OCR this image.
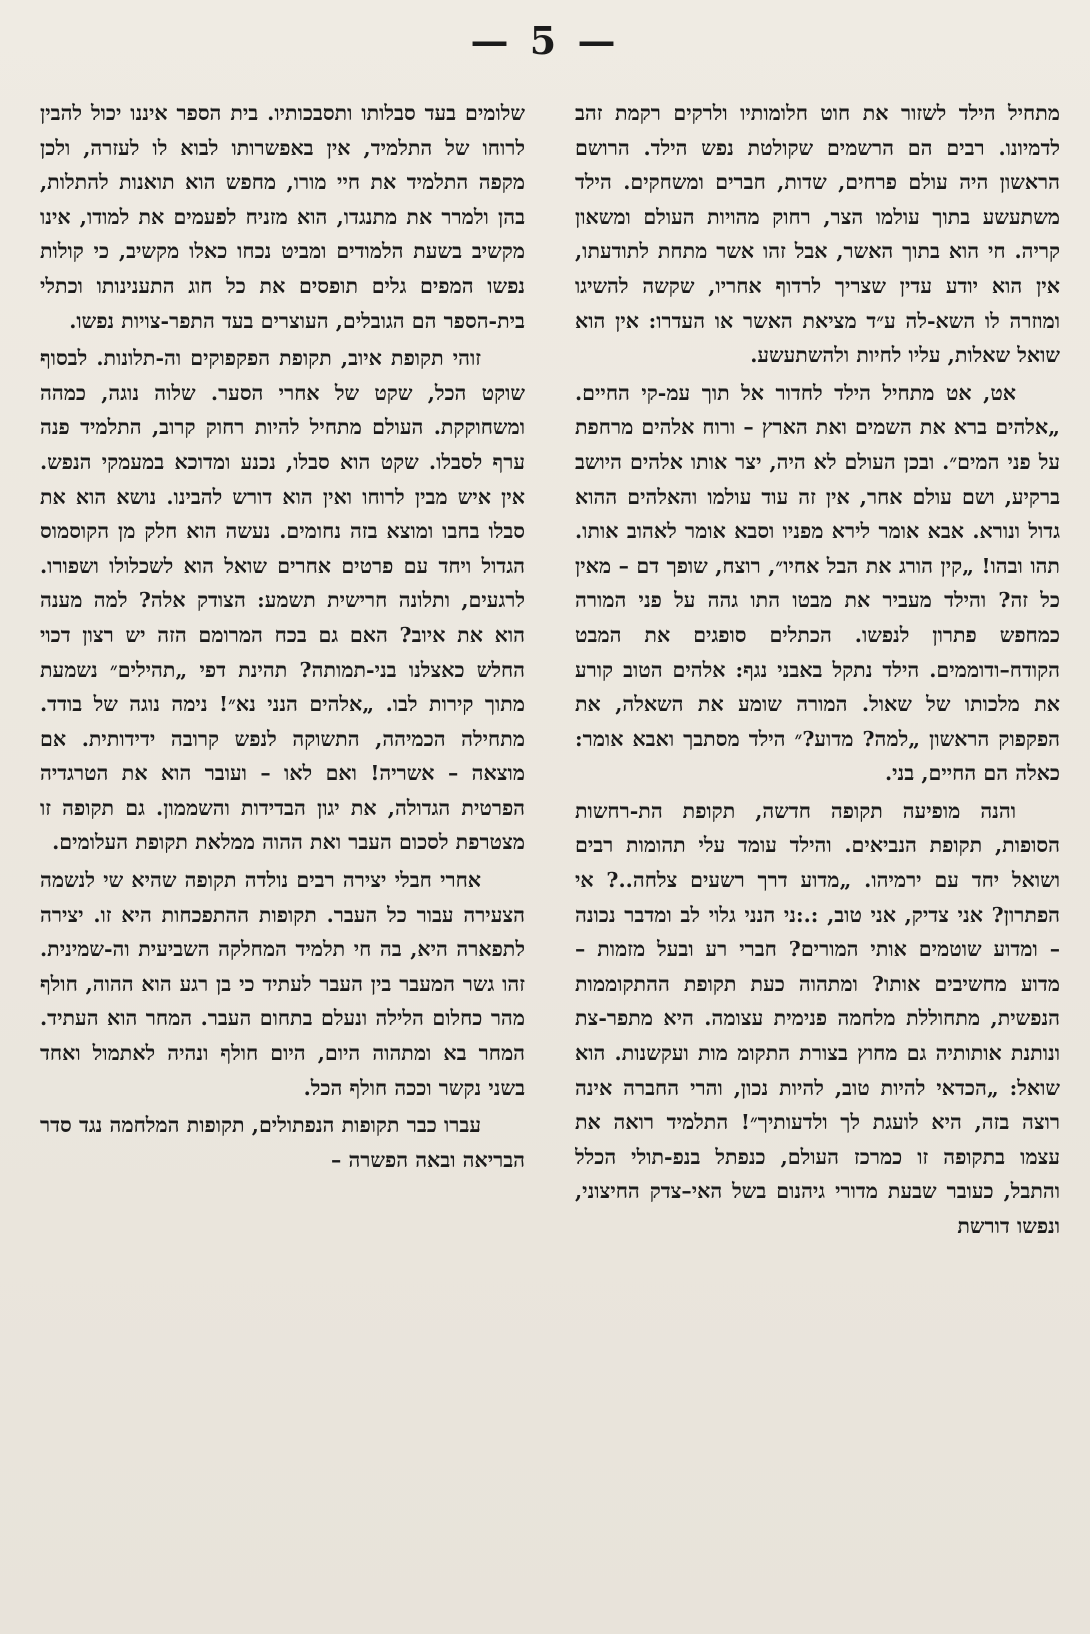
— 5 —

מתחיל הילד לשזור את חוט חלומותיו ולרקים רקמת זהב לדמיונו. רבים הם הרשמים שקולטת נפש הילד. הרושם הראשון היה עולם פרחים, שדות, חברים ומשחקים. הילד משתעשע בתוך עולמו הצר, רחוק מהויות העולם ומשאון קריה. חי הוא בתוך האשר, אבל זהו אשר מתחת לתודעתו, אין הוא יודע עדין שצריך לרדוף אחריו, שקשה להשיגו ומוזרה לו השא-לה ע״ד מציאת האשר או העדרו: אין הוא שואל שאלות, עליו לחיות ולהשתעשע.

אט, אט מתחיל הילד לחדור אל תוך עמ-קי החיים. „אלהים ברא את השמים ואת הארץ – ורוח אלהים מרחפת על פני המים״. ובכן העולם לא היה, יצר אותו אלהים היושב ברקיע, ושם עולם אחר, אין זה עוד עולמו והאלהים ההוא גדול ונורא. אבא אומר לירא מפניו וסבא אומר לאהוב אותו. תהו ובהו! „קין הורג את הבל אחיו״, רוצח, שופך דם – מאין כל זה? והילד מעביר את מבטו התו גהה על פני המורה כמחפש פתרון לנפשו. הכתלים סופגים את המבט הקודח–ודוממים. הילד נתקל באבני נגף: אלהים הטוב קורע את מלכותו של שאול. המורה שומע את השאלה, את הפקפוק הראשון „למה? מדוע?״ הילד מסתבך ואבא אומר: כאלה הם החיים, בני.

והנה מופיעה תקופה חדשה, תקופת הת-רחשות הסופות, תקופת הנביאים. והילד עומד עלי תהומות רבים ושואל יחד עם ירמיהו. „מדוע דרך רשעים צלחה..? אי הפתרון? אני צדיק, אני טוב, :.:ני הנני גלוי לב ומדבר נכונה – ומדוע שוטמים אותי המורים? חברי רע ובעל מזמות – מדוע מחשיבים אותו? ומתהוה כעת תקופת ההתקוממות הנפשית, מתחוללת מלחמה פנימית עצומה. היא מתפר-צת ונותנת אותותיה גם מחוץ בצורת התקומ מות ועקשנות. הוא שואל: „הכדאי להיות טוב, להיות נכון, והרי החברה אינה רוצה בזה, היא לועגת לך ולדעותיך״! התלמיד רואה את עצמו בתקופה זו כמרכז העולם, כנפתל בנפ-תולי הכלל והתבל, כעובר שבעת מדורי גיהנום בשל האי–צדק החיצוני, ונפשו דורשת

שלומים בעד סבלותו ותסבכותיו. בית הספר איננו יכול להבין לרוחו של התלמיד, אין באפשרותו לבוא לו לעזרה, ולכן מקפה התלמיד את חיי מורו, מחפש הוא תואנות להתלות, בהן ולמרר את מתנגדו, הוא מזניח לפעמים את למודו, אינו מקשיב בשעת הלמודים ומביט נכחו כאלו מקשיב, כי קולות נפשו המפים גלים תופסים את כל חוג התענינותו וכתלי בית-הספר הם הגובלים, העוצרים בעד התפר-צויות נפשו.

זוהי תקופת איוב, תקופת הפקפוקים וה-תלונות. לבסוף שוקט הכל, שקט של אחרי הסער. שלוה נוגה, כמהה ומשחוקקת. העולם מתחיל להיות רחוק קרוב, התלמיד פנה ערף לסבלו. שקט הוא סבלו, נכנע ומדוכא במעמקי הנפש. אין איש מבין לרוחו ואין הוא דורש להבינו. נושא הוא את סבלו בחבו ומוצא בזה נחומים. נעשה הוא חלק מן הקוסמוס הגדול ויחד עם פרטים אחרים שואל הוא לשכלולו ושפורו. לרגעים, ותלונה חרישית תשמע: הצודק אלה? למה מענה הוא את איוב? האם גם בכח המרומם הזה יש רצון דכוי החלש כאצלנו בני-תמותה? תהינת דפי „תהילים״ נשמעת מתוך קירות לבו. „אלהים הנני נא״! נימה נוגה של בודד. מתחילה הכמיהה, התשוקה לנפש קרובה ידידותית. אם מוצאה – אשריה! ואם לאו – ועובר הוא את הטרגדיה הפרטית הגדולה, את יגון הבדידות והשממון. גם תקופה זו מצטרפת לסכום העבר ואת ההוה ממלאת תקופת העלומים.

אחרי חבלי יצירה רבים נולדה תקופה שהיא שי לנשמה הצעירה עבור כל העבר. תקופות ההתפכחות היא זו. יצירה לתפארה היא, בה חי תלמיד המחלקה השביעית וה-שמינית. זהו גשר המעבר בין העבר לעתיד כי בן רגע הוא ההוה, חולף מהר כחלום הלילה ונעלם בתחום העבר. המחר הוא העתיד. המחר בא ומתהוה היום, היום חולף ונהיה לאתמול ואחד בשני נקשר וככה חולף הכל.

עברו כבר תקופות הנפתולים, תקופות המלחמה נגד סדר הבריאה ובאה הפשרה –
